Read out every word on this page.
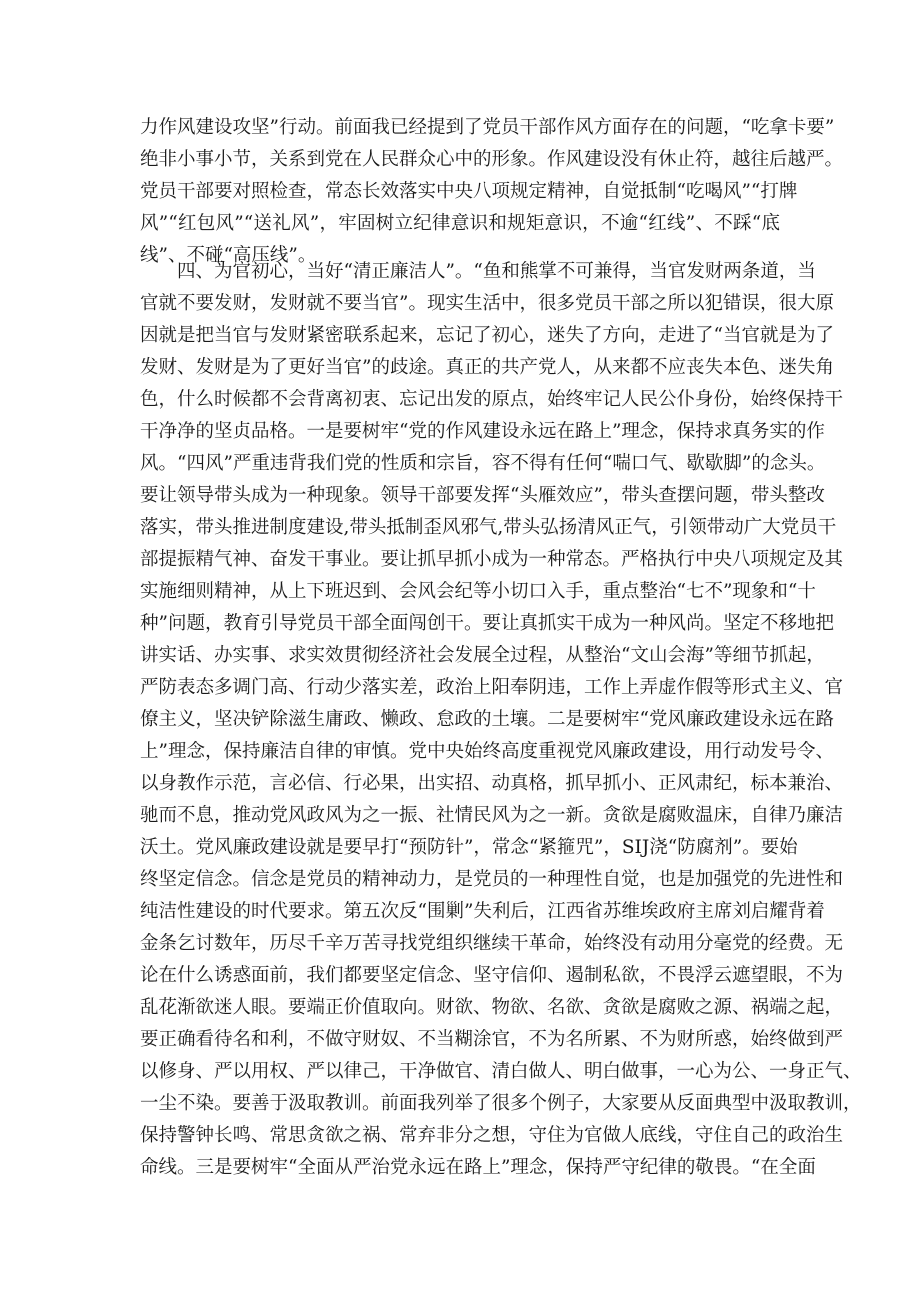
力作风建设攻坚”行动。前面我已经提到了党员干部作风方面存在的问题，“吃拿卡要”
绝非小事小节，关系到党在人民群众心中的形象。作风建设没有休止符，越往后越严。
党员干部要对照检查，常态长效落实中央八项规定精神，自觉抵制“吃喝风”“打牌
风”“红包风”“送礼风”，牢固树立纪律意识和规矩意识，不逾“红线”、不踩“底
线”、不碰“高压线”。
　　四、为官初心，当好“清正廉洁人”。“鱼和熊掌不可兼得，当官发财两条道，当
官就不要发财，发财就不要当官”。现实生活中，很多党员干部之所以犯错误，很大原
因就是把当官与发财紧密联系起来，忘记了初心，迷失了方向，走进了“当官就是为了
发财、发财是为了更好当官”的歧途。真正的共产党人，从来都不应丧失本色、迷失角
色，什么时候都不会背离初衷、忘记出发的原点，始终牢记人民公仆身份，始终保持干
干净净的坚贞品格。一是要树牢“党的作风建设永远在路上”理念，保持求真务实的作
风。“四风”严重违背我们党的性质和宗旨，容不得有任何“喘口气、歇歇脚”的念头。
要让领导带头成为一种现象。领导干部要发挥“头雁效应”，带头查摆问题，带头整改
落实，带头推进制度建设,带头抵制歪风邪气,带头弘扬清风正气，引领带动广大党员干
部提振精气神、奋发干事业。要让抓早抓小成为一种常态。严格执行中央八项规定及其
实施细则精神，从上下班迟到、会风会纪等小切口入手，重点整治“七不”现象和“十
种”问题，教育引导党员干部全面闯创干。要让真抓实干成为一种风尚。坚定不移地把
讲实话、办实事、求实效贯彻经济社会发展全过程，从整治“文山会海”等细节抓起，
严防表态多调门高、行动少落实差，政治上阳奉阴违，工作上弄虚作假等形式主义、官
僚主义，坚决铲除滋生庸政、懒政、怠政的土壤。二是要树牢“党风廉政建设永远在路
上”理念，保持廉洁自律的审慎。党中央始终高度重视党风廉政建设，用行动发号令、
以身教作示范，言必信、行必果，出实招、动真格，抓早抓小、正风肃纪，标本兼治、
驰而不息，推动党风政风为之一振、社情民风为之一新。贪欲是腐败温床，自律乃廉洁
沃土。党风廉政建设就是要早打“预防针”，常念“紧箍咒”，SIJ浇“防腐剂”。要始
终坚定信念。信念是党员的精神动力，是党员的一种理性自觉，也是加强党的先进性和
纯洁性建设的时代要求。第五次反“围剿”失利后，江西省苏维埃政府主席刘启耀背着
金条乞讨数年，历尽千辛万苦寻找党组织继续干革命，始终没有动用分毫党的经费。无
论在什么诱惑面前，我们都要坚定信念、坚守信仰、遏制私欲，不畏浮云遮望眼，不为
乱花渐欲迷人眼。要端正价值取向。财欲、物欲、名欲、贪欲是腐败之源、祸端之起，
要正确看待名和利，不做守财奴、不当糊涂官，不为名所累、不为财所惑，始终做到严
以修身、严以用权、严以律己，干净做官、清白做人、明白做事，一心为公、一身正气、
一尘不染。要善于汲取教训。前面我列举了很多个例子，大家要从反面典型中汲取教训，
保持警钟长鸣、常思贪欲之祸、常弃非分之想，守住为官做人底线，守住自己的政治生
命线。三是要树牢“全面从严治党永远在路上”理念，保持严守纪律的敬畏。“在全面
